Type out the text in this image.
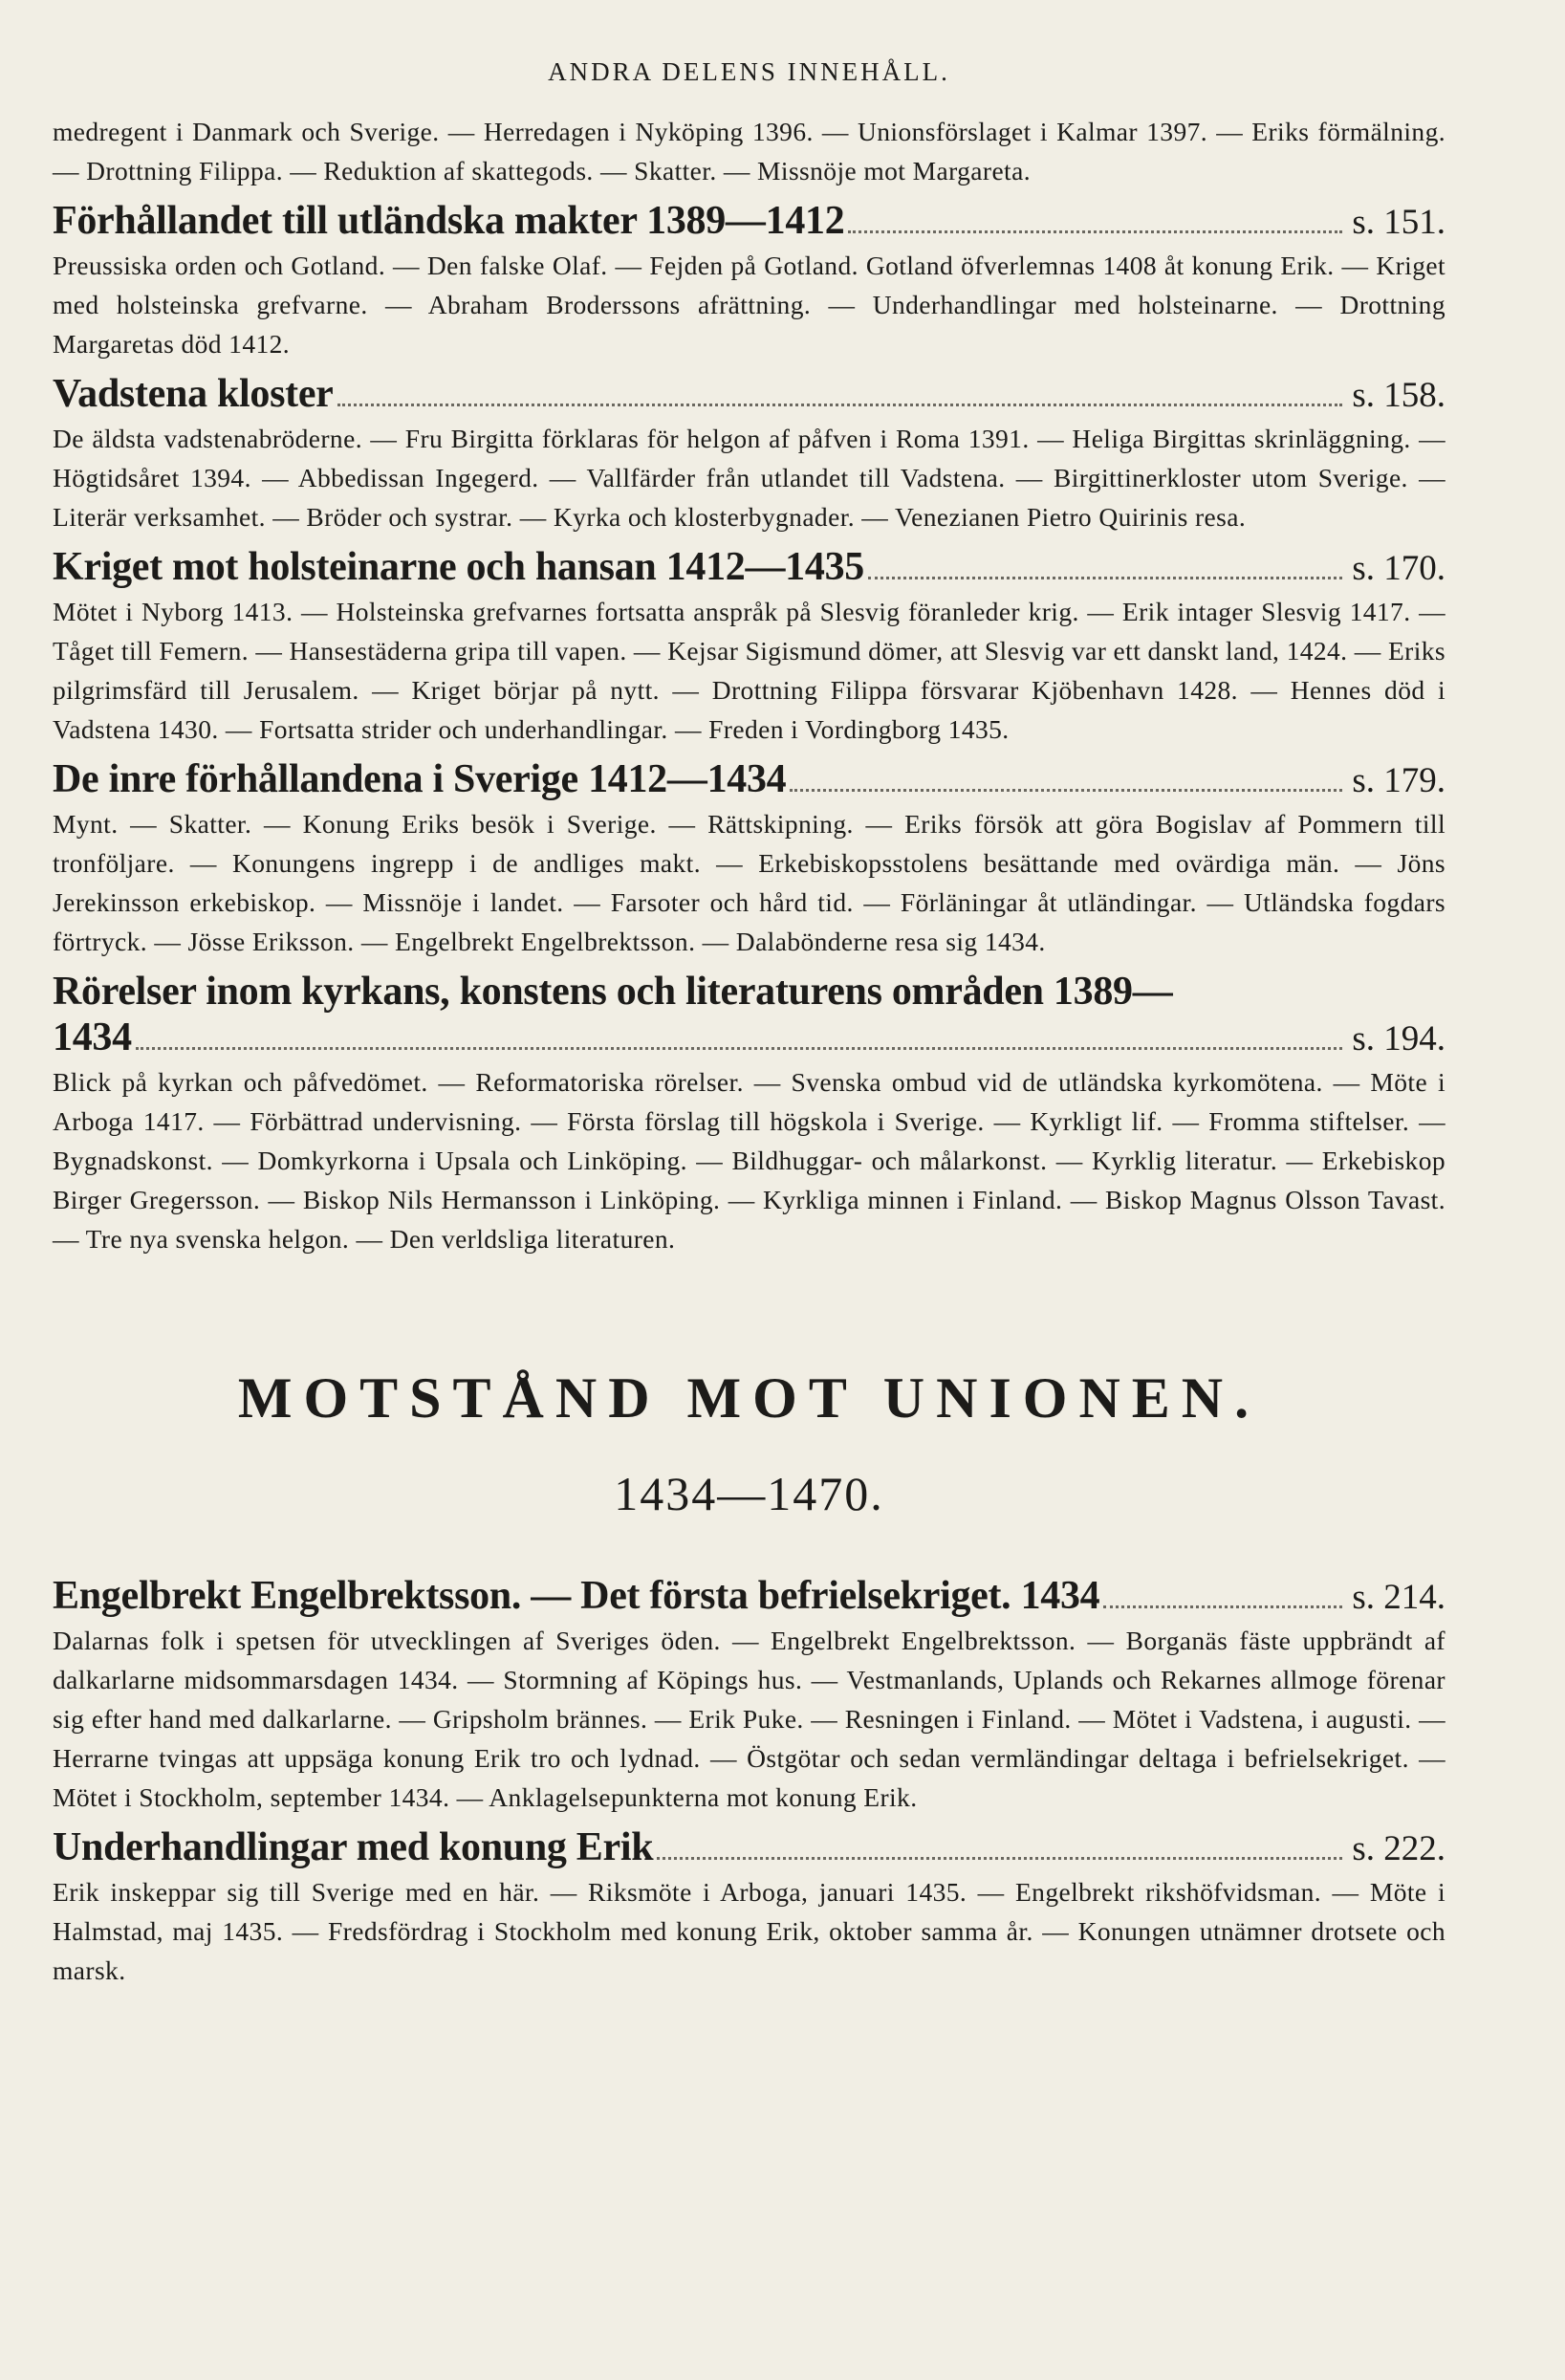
ANDRA DELENS INNEHÅLL.

medregent i Danmark och Sverige. — Herredagen i Nyköping 1396. — Unionsförslaget i Kalmar 1397. — Eriks förmälning. — Drottning Filippa. — Reduktion af skattegods. — Skatter. — Missnöje mot Margareta.

Förhållandet till utländska makter 1389—1412	s. 151.

Preussiska orden och Gotland. — Den falske Olaf. — Fejden på Gotland. Gotland öfverlemnas 1408 åt konung Erik. — Kriget med holsteinska grefvarne. — Abraham Broderssons afrättning. — Underhandlingar med holsteinarne. — Drottning Margaretas död 1412.

Vadstena kloster	s. 158.

De äldsta vadstenabröderne. — Fru Birgitta förklaras för helgon af påfven i Roma 1391. — Heliga Birgittas skrinläggning. — Högtidsåret 1394. — Abbedissan Ingegerd. — Vallfärder från utlandet till Vadstena. — Birgittinerkloster utom Sverige. — Literär verksamhet. — Bröder och systrar. — Kyrka och klosterbygnader. — Venezianen Pietro Quirinis resa.

Kriget mot holsteinarne och hansan 1412—1435	s. 170.

Mötet i Nyborg 1413. — Holsteinska grefvarnes fortsatta anspråk på Slesvig föranleder krig. — Erik intager Slesvig 1417. — Tåget till Femern. — Hansestäderna gripa till vapen. — Kejsar Sigismund dömer, att Slesvig var ett danskt land, 1424. — Eriks pilgrimsfärd till Jerusalem. — Kriget börjar på nytt. — Drottning Filippa försvarar Kjöbenhavn 1428. — Hennes död i Vadstena 1430. — Fortsatta strider och underhandlingar. — Freden i Vordingborg 1435.

De inre förhållandena i Sverige 1412—1434	s. 179.

Mynt. — Skatter. — Konung Eriks besök i Sverige. — Rättskipning. — Eriks försök att göra Bogislav af Pommern till tronföljare. — Konungens ingrepp i de andliges makt. — Erkebiskopsstolens besättande med ovärdiga män. — Jöns Jerekinsson erkebiskop. — Missnöje i landet. — Farsoter och hård tid. — Förläningar åt utländingar. — Utländska fogdars förtryck. — Jösse Eriksson. — Engelbrekt Engelbrektsson. — Dalabönderne resa sig 1434.

Rörelser inom kyrkans, konstens och literaturens områden 1389—
1434	s. 194.

Blick på kyrkan och påfvedömet. — Reformatoriska rörelser. — Svenska ombud vid de utländska kyrkomötena. — Möte i Arboga 1417. — Förbättrad undervisning. — Första förslag till högskola i Sverige. — Kyrkligt lif. — Fromma stiftelser. — Bygnadskonst. — Domkyrkorna i Upsala och Linköping. — Bildhuggar- och målarkonst. — Kyrklig literatur. — Erkebiskop Birger Gregersson. — Biskop Nils Hermansson i Linköping. — Kyrkliga minnen i Finland. — Biskop Magnus Olsson Tavast. — Tre nya svenska helgon. — Den verldsliga literaturen.

MOTSTÅND MOT UNIONEN.
1434—1470.
Engelbrekt Engelbrektsson. — Det första befrielsekriget. 1434	s. 214.

Dalarnas folk i spetsen för utvecklingen af Sveriges öden. — Engelbrekt Engelbrektsson. — Borganäs fäste uppbrändt af dalkarlarne midsommarsdagen 1434. — Stormning af Köpings hus. — Vestmanlands, Uplands och Rekarnes allmoge förenar sig efter hand med dalkarlarne. — Gripsholm brännes. — Erik Puke. — Resningen i Finland. — Mötet i Vadstena, i augusti. — Herrarne tvingas att uppsäga konung Erik tro och lydnad. — Östgötar och sedan vermländingar deltaga i befrielsekriget. — Mötet i Stockholm, september 1434. — Anklagelsepunkterna mot konung Erik.

Underhandlingar med konung Erik	s. 222.

Erik inskeppar sig till Sverige med en här. — Riksmöte i Arboga, januari 1435. — Engelbrekt rikshöfvidsman. — Möte i Halmstad, maj 1435. — Fredsfördrag i Stockholm med konung Erik, oktober samma år. — Konungen utnämner drotsete och marsk.
